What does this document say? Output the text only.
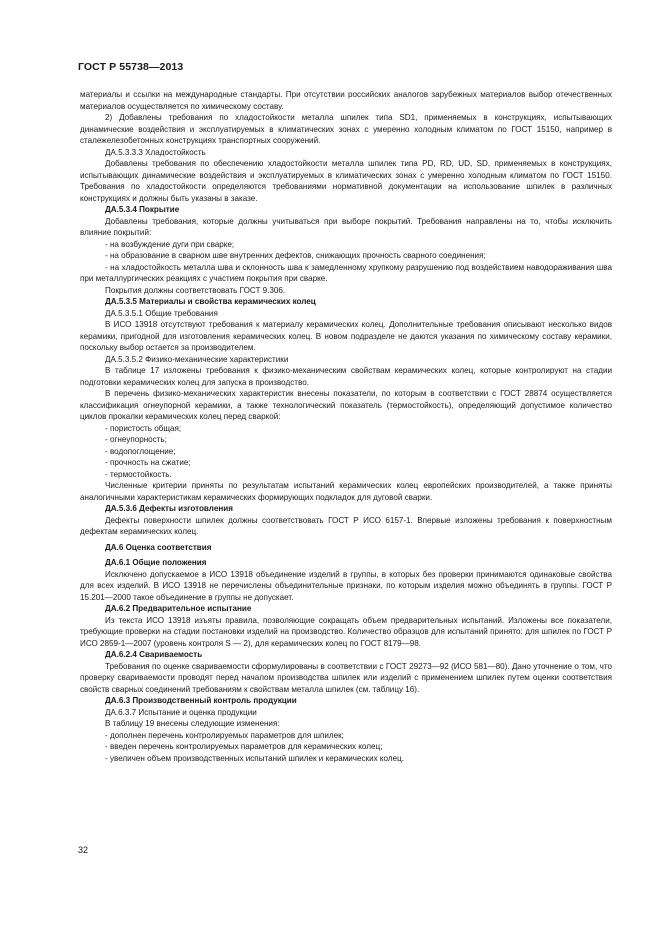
ГОСТ Р 55738—2013

материалы и ссылки на международные стандарты. При отсутствии российских аналогов зарубежных материалов выбор отечественных материалов осуществляется по химическому составу.

2) Добавлены требования по хладостойкости металла шпилек типа SD1, применяемых в конструкциях, испытывающих динамические воздействия и эксплуатируемых в климатических зонах с умеренно холодным климатом по ГОСТ 15150, например в сталежелезобетонных конструкциях транспортных сооружений.

ДА.5.3.3.3 Хладостойкость

Добавлены требования по обеспечению хладостойкости металла шпилек типа PD, RD, UD, SD, применяемых в конструкциях, испытывающих динамические воздействия и эксплуатируемых в климатических зонах с умеренно холодным климатом по ГОСТ 15150. Требования по хладостойкости определяются требованиями нормативной документации на использование шпилек в различных конструкциях и должны быть указаны в заказе.

ДА.5.3.4 Покрытие

Добавлены требования, которые должны учитываться при выборе покрытий. Требования направлены на то, чтобы исключить влияние покрытий:

- на возбуждение дуги при сварке;

- на образование в сварном шве внутренних дефектов, снижающих прочность сварного соединения;

- на хладостойкость металла шва и склонность шва к замедленному хрупкому разрушению под воздействием наводораживания шва при металлургических реакциях с участием покрытия при сварке.

Покрытия должны соответствовать ГОСТ 9.306.

ДА.5.3.5 Материалы и свойства керамических колец

ДА.5.3.5.1 Общие требования

В ИСО 13918 отсутствуют требования к материалу керамических колец. Дополнительные требования описывают несколько видов керамики, пригодной для изготовления керамических колец. В новом подразделе не даются указания по химическому составу керамики, поскольку выбор остается за производителем.

ДА.5.3.5.2 Физико-механические характеристики

В таблице 17 изложены требования к физико-механическим свойствам керамических колец, которые контролируют на стадии подготовки керамических колец для запуска в производство.

В перечень физико-механических характеристик внесены показатели, по которым в соответствии с ГОСТ 28874 осуществляется классификация огнеупорной керамики, а также технологический показатель (термостойкость), определяющий допустимое количество циклов прокалки керамических колец перед сваркой:

- пористость общая;

- огнеупорность;

- водопоглощение;

- прочность на сжатие;

- термостойкость.

Численные критерии приняты по результатам испытаний керамических колец европейских производителей, а также приняты аналогичными характеристикам керамических формирующих подкладок для дуговой сварки.

ДА.5.3.6 Дефекты изготовления

Дефекты поверхности шпилек должны соответствовать ГОСТ Р ИСО 6157-1. Впервые изложены требования к поверхностным дефектам керамических колец.

ДА.6 Оценка соответствия

ДА.6.1 Общие положения

Исключено допускаемое в ИСО 13918 объединение изделий в группы, в которых без проверки принимаются одинаковые свойства для всех изделий. В ИСО 13918 не перечислены объединительные признаки, по которым изделия можно объединять в группы. ГОСТ Р 15.201—2000 такое объединение в группы не допускает.

ДА.6.2 Предварительное испытание

Из текста ИСО 13918 изъяты правила, позволяющие сокращать объем предварительных испытаний. Изложены все показатели, требующие проверки на стадии постановки изделий на производство. Количество образцов для испытаний принято: для шпилек по ГОСТ Р ИСО 2859-1—2007 (уровень контроля S — 2), для керамических колец по ГОСТ 8179—98.

ДА.6.2.4 Свариваемость

Требования по оценке свариваемости сформулированы в соответствии с ГОСТ 29273—92 (ИСО 581—80). Дано уточнение о том, что проверку свариваемости проводят перед началом производства шпилек или изделий с применением шпилек путем оценки соответствия свойств сварных соединений требованиям к свойствам металла шпилек (см. таблицу 16).

ДА.6.3 Производственный контроль продукции

ДА.6.3.7 Испытание и оценка продукции

В таблицу 19 внесены следующие изменения:

- дополнен перечень контролируемых параметров для шпилек;

- введен перечень контролируемых параметров для керамических колец;

- увеличен объем производственных испытаний шпилек и керамических колец.

32
